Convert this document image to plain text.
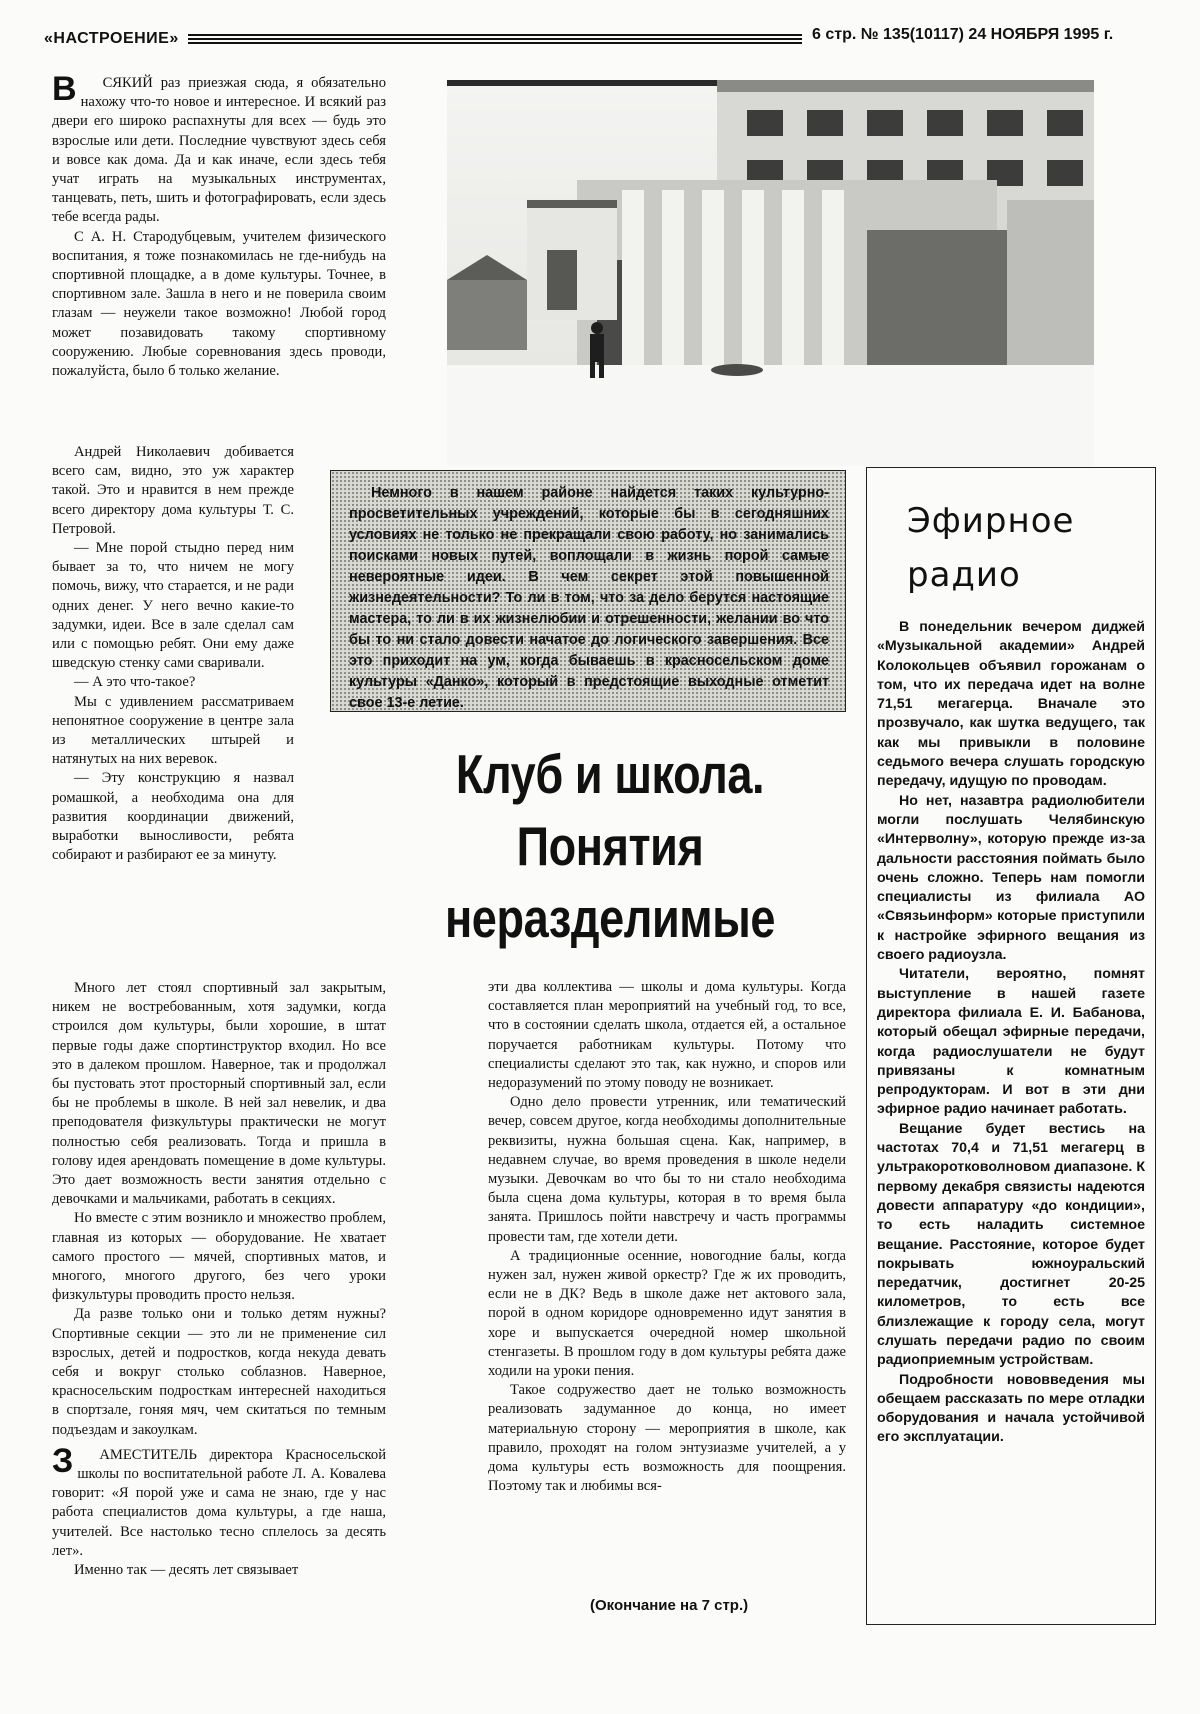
«НАСТРОЕНИЕ»	6 стр. № 135(10117) 24 НОЯБРЯ 1995 г.

В СЯКИЙ раз приезжая сюда, я обязательно нахожу что-то новое и интересное. И всякий раз двери его широко распахнуты для всех — будь это взрослые или дети. Последние чувствуют здесь себя и вовсе как дома. Да и как иначе, если здесь тебя учат играть на музыкальных инструментах, танцевать, петь, шить и фотографировать, если здесь тебе всегда рады.

С А. Н. Стародубцевым, учителем физического воспитания, я тоже познакомилась не где-нибудь на спортивной площадке, а в доме культуры. Точнее, в спортивном зале. Зашла в него и не поверила своим глазам — неужели такое возможно! Любой город может позавидовать такому спортивному сооружению. Любые соревнования здесь проводи, пожалуйста, было б только желание.

Андрей Николаевич добивается всего сам, видно, это уж характер такой. Это и нравится в нем прежде всего директору дома культуры Т. С. Петровой.

— Мне порой стыдно перед ним бывает за то, что ничем не могу помочь, вижу, что старается, и не ради одних денег. У него вечно какие-то задумки, идеи. Все в зале сделал сам или с помощью ребят. Они ему даже шведскую стенку сами сваривали.

— А это что-такое?

Мы с удивлением рассматриваем непонятное сооружение в центре зала из металлических штырей и натянутых на них веревок.

— Эту конструкцию я назвал ромашкой, а необходима она для развития координации движений, выработки выносливости, ребята собирают и разбирают ее за минуту.

Много лет стоял спортивный зал закрытым, никем не востребованным, хотя задумки, когда строился дом культуры, были хорошие, в штат первые годы даже спортинструктор входил. Но все это в далеком прошлом. Наверное, так и продолжал бы пустовать этот просторный спортивный зал, если бы не проблемы в школе. В ней зал невелик, и два преподователя физкультуры практически не могут полностью себя реализовать. Тогда и пришла в голову идея арендовать помещение в доме культуры. Это дает возможность вести занятия отдельно с девочками и мальчиками, работать в секциях.

Но вместе с этим возникло и множество проблем, главная из которых — оборудование. Не хватает самого простого — мячей, спортивных матов, и многого, многого другого, без чего уроки физкультуры проводить просто нельзя.

Да разве только они и только детям нужны? Спортивные секции — это ли не применение сил взрослых, детей и подростков, когда некуда девать себя и вокруг столько соблазнов. Наверное, красносельским подросткам интересней находиться в спортзале, гоняя мяч, чем скитаться по темным подъездам и закоулкам.

З АМЕСТИТЕЛЬ директора Красносельской школы по воспитательной работе Л. А. Ковалева говорит: «Я порой уже и сама не знаю, где у нас работа специалистов дома культуры, а где наша, учителей. Все настолько тесно сплелось за десять лет».

Именно так — десять лет связывает

Немного в нашем районе найдется таких культурно-просветительных учреждений, которые бы в сегодняшних условиях не только не прекращали свою работу, но занимались поисками новых путей, воплощали в жизнь порой самые невероятные идеи. В чем секрет этой повышенной жизнедеятельности? То ли в том, что за дело берутся настоящие мастера, то ли в их жизнелюбии и отрешенности, желании во что бы то ни стало довести начатое до логического завершения. Все это приходит на ум, когда бываешь в красносельском доме культуры «Данко», который в предстоящие выходные отметит свое 13-е летие.

Клуб и школа.
Понятия
неразделимые

эти два коллектива — школы и дома культуры. Когда составляется план мероприятий на учебный год, то все, что в состоянии сделать школа, отдается ей, а остальное поручается работникам культуры. Потому что специалисты сделают это так, как нужно, и споров или недоразумений по этому поводу не возникает.

Одно дело провести утренник, или тематический вечер, совсем другое, когда необходимы дополнительные реквизиты, нужна большая сцена. Как, например, в недавнем случае, во время проведения в школе недели музыки. Девочкам во что бы то ни стало необходима была сцена дома культуры, которая в то время была занята. Пришлось пойти навстречу и часть программы провести там, где хотели дети.

А традиционные осенние, новогодние балы, когда нужен зал, нужен живой оркестр? Где ж их проводить, если не в ДК? Ведь в школе даже нет актового зала, порой в одном коридоре одновременно идут занятия в хоре и выпускается очередной номер школьной стенгазеты. В прошлом году в дом культуры ребята даже ходили на уроки пения.

Такое содружество дает не только возможность реализовать задуманное до конца, но имеет материальную сторону — мероприятия в школе, как правило, проходят на голом энтузиазме учителей, а у дома культуры есть возможность для поощрения. Поэтому так и любимы вся-

(Окончание на 7 стр.)
Эфирное
радио

В понедельник вечером диджей «Музыкальной академии» Андрей Колокольцев объявил горожанам о том, что их передача идет на волне 71,51 мегагерца. Вначале это прозвучало, как шутка ведущего, так как мы привыкли в половине седьмого вечера слушать городскую передачу, идущую по проводам.

Но нет, назавтра радиолюбители могли послушать Челябинскую «Интерволну», которую прежде из-за дальности расстояния поймать было очень сложно. Теперь нам помогли специалисты из филиала АО «Связьинформ» которые приступили к настройке эфирного вещания из своего радиоузла.

Читатели, вероятно, помнят выступление в нашей газете директора филиала Е. И. Бабанова, который обещал эфирные передачи, когда радиослушатели не будут привязаны к комнатным репродукторам. И вот в эти дни эфирное радио начинает работать.

Вещание будет вестись на частотах 70,4 и 71,51 мегагерц в ультракоротковолновом диапазоне. К первому декабря связисты надеются довести аппаратуру «до кондиции», то есть наладить системное вещание. Расстояние, которое будет покрывать южноуральский передатчик, достигнет 20-25 километров, то есть все близлежащие к городу села, могут слушать передачи радио по своим радиоприемным устройствам.

Подробности нововведения мы обещаем рассказать по мере отладки оборудования и начала устойчивой его эксплуатации.
